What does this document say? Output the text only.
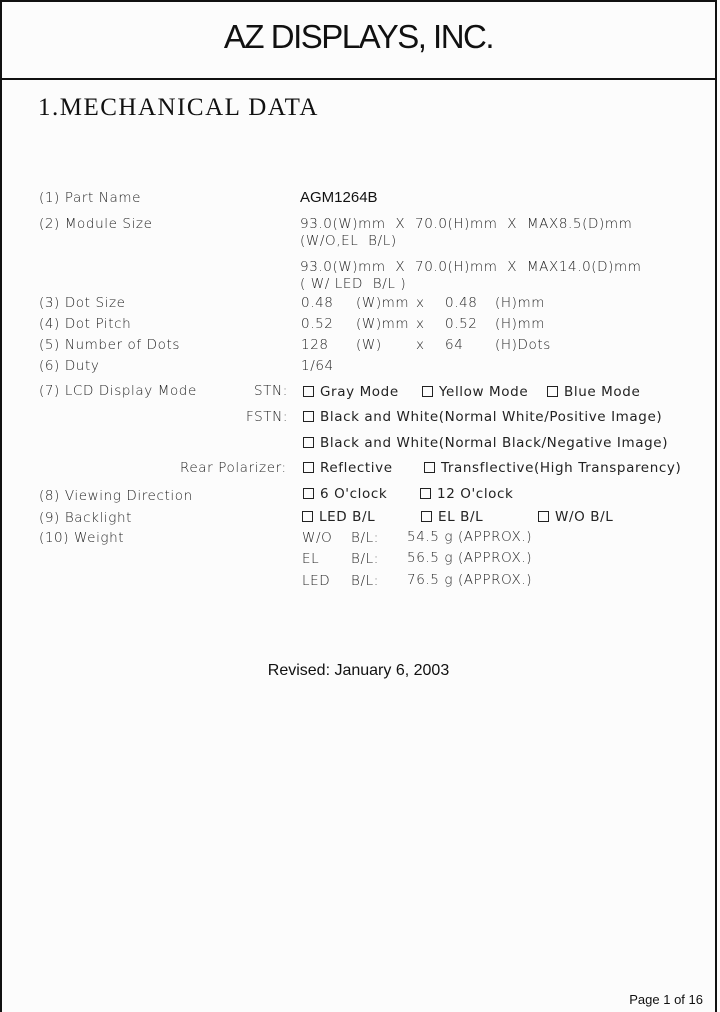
AZ DISPLAYS, INC.
1.MECHANICAL DATA
(1) Part Name	AGM1264B
(2) Module Size	93.0(W)mm  X  70.0(H)mm  X  MAX8.5(D)mm
(W/O,EL  B/L)
93.0(W)mm  X  70.0(H)mm  X  MAX14.0(D)mm
( W/ LED  B/L )
(3) Dot Size	0.48 (W)mm x 0.48 (H)mm
(4) Dot Pitch	0.52 (W)mm x 0.52 (H)mm
(5) Number of Dots	128 (W)	x 64 (H)Dots
(6) Duty	1/64
(7) LCD Display Mode	STN:	Gray Mode	Yellow Mode	Blue Mode
FSTN:	Black and White(Normal White/Positive Image)
Black and White(Normal Black/Negative Image)
Rear Polarizer:	Reflective	Transflective(High Transparency)
(8) Viewing Direction	6 O'clock	12 O'clock
(9) Backlight	LED B/L	EL B/L	W/O B/L
(10) Weight	W/O B/L: 54.5 g (APPROX.)
EL B/L: 56.5 g (APPROX.)
LED B/L: 76.5 g (APPROX.)
Revised: January 6, 2003
Page 1 of 16
